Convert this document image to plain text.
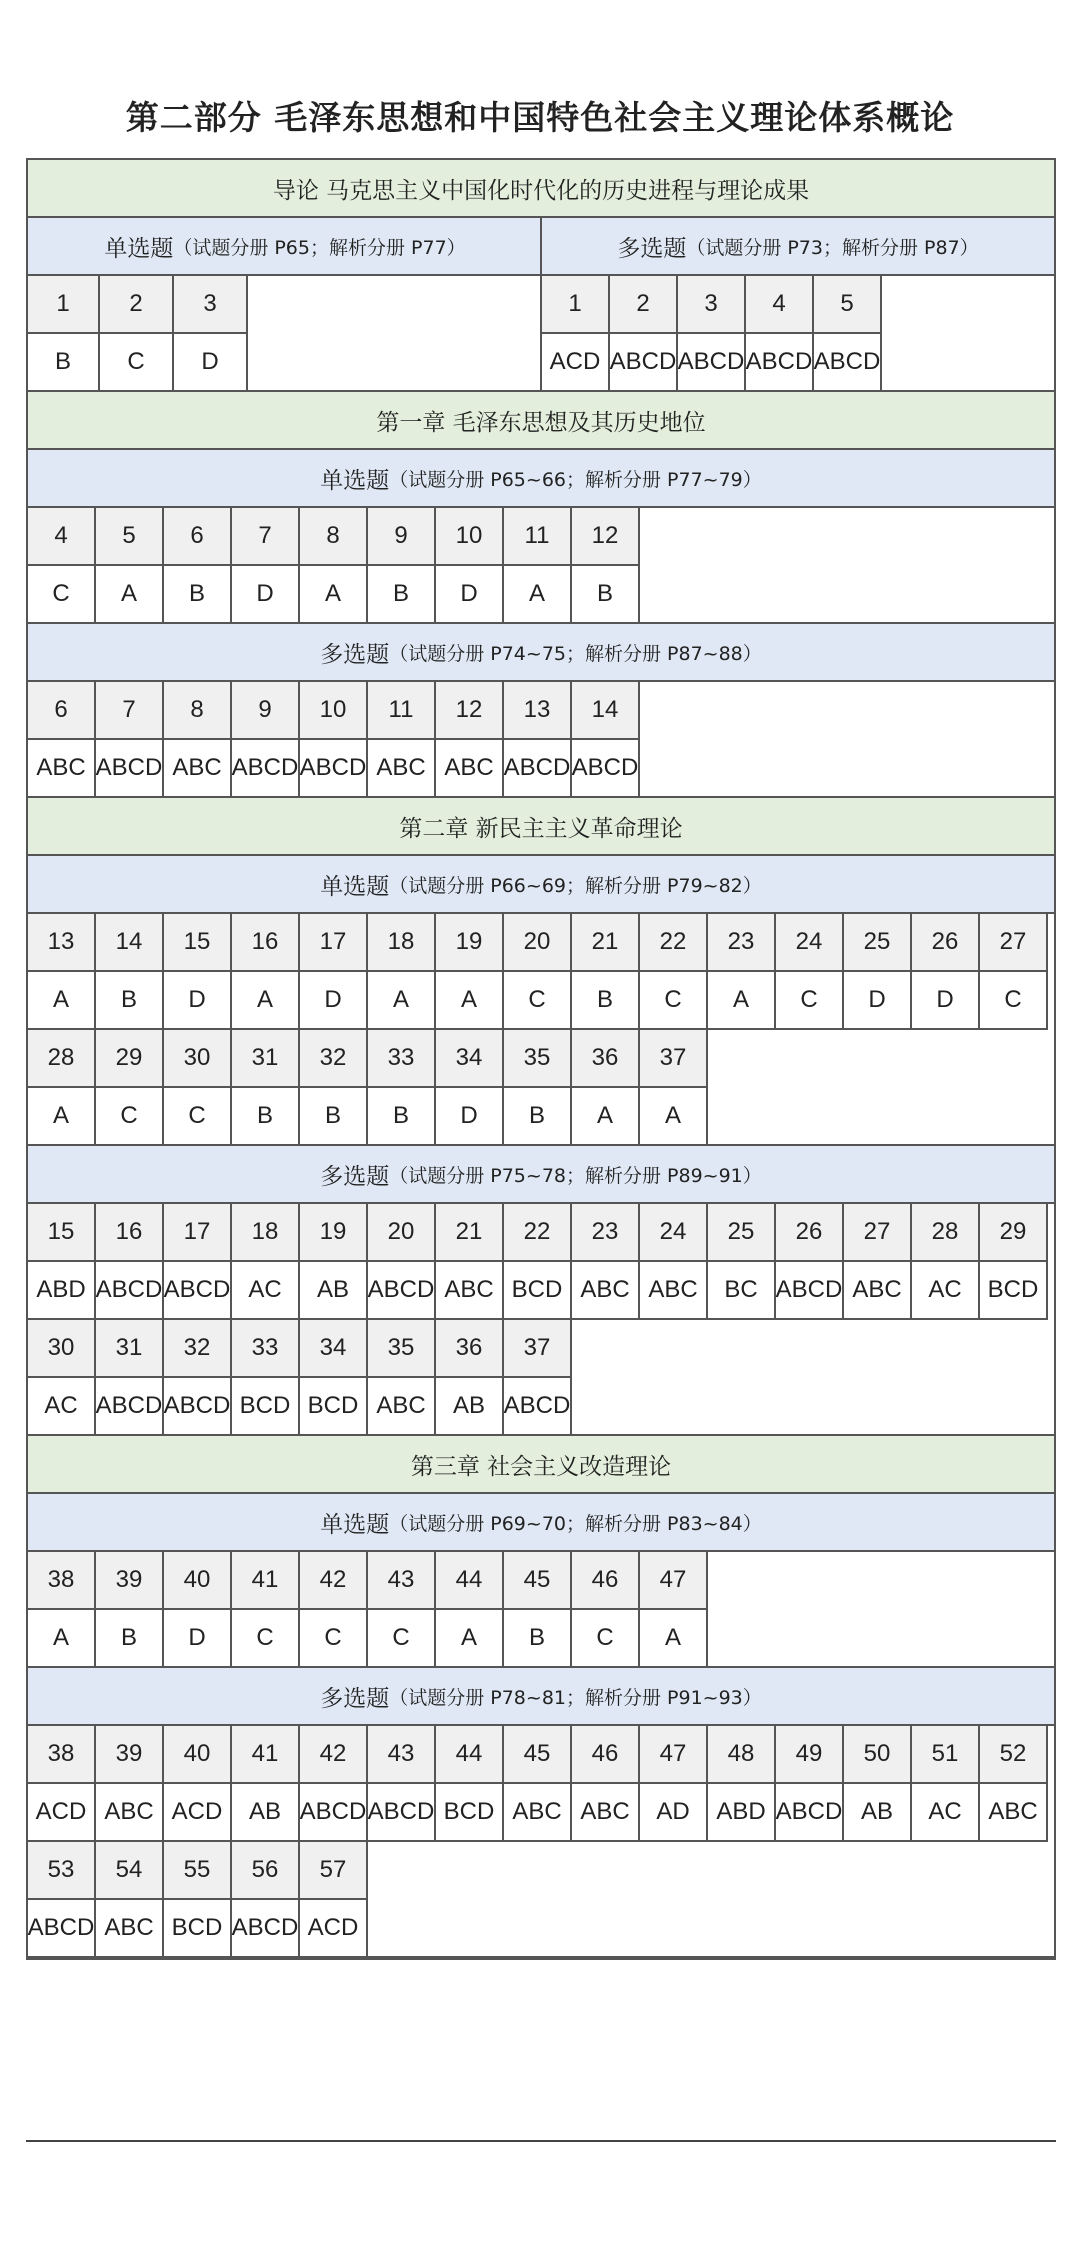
第二部分 毛泽东思想和中国特色社会主义理论体系概论
导论 马克思主义中国化时代化的历史进程与理论成果
单选题 （试题分册 P65；解析分册 P77）	多选题 （试题分册 P73；解析分册 P87）
1
B
2
C
3
D
1
ACD
2
ABCD
3
ABCD
4
ABCD
5
ABCD
第一章 毛泽东思想及其历史地位
单选题 （试题分册 P65~66；解析分册 P77~79）
4
C
5
A
6
B
7
D
8
A
9
B
10
D
11
A
12
B
多选题 （试题分册 P74~75；解析分册 P87~88）
6
ABC
7
ABCD
8
ABC
9
ABCD
10
ABCD
11
ABC
12
ABC
13
ABCD
14
ABCD
第二章 新民主主义革命理论
单选题 （试题分册 P66~69；解析分册 P79~82）
13
A
14
B
15
D
16
A
17
D
18
A
19
A
20
C
21
B
22
C
23
A
24
C
25
D
26
D
27
C
28
A
29
C
30
C
31
B
32
B
33
B
34
D
35
B
36
A
37
A
多选题 （试题分册 P75~78；解析分册 P89~91）
15
ABD
16
ABCD
17
ABCD
18
AC
19
AB
20
ABCD
21
ABC
22
BCD
23
ABC
24
ABC
25
BC
26
ABCD
27
ABC
28
AC
29
BCD
30
AC
31
ABCD
32
ABCD
33
BCD
34
BCD
35
ABC
36
AB
37
ABCD
第三章 社会主义改造理论
单选题 （试题分册 P69~70；解析分册 P83~84）
38
A
39
B
40
D
41
C
42
C
43
C
44
A
45
B
46
C
47
A
多选题 （试题分册 P78~81；解析分册 P91~93）
38
ACD
39
ABC
40
ACD
41
AB
42
ABCD
43
ABCD
44
BCD
45
ABC
46
ABC
47
AD
48
ABD
49
ABCD
50
AB
51
AC
52
ABC
53
ABCD
54
ABC
55
BCD
56
ABCD
57
ACD
